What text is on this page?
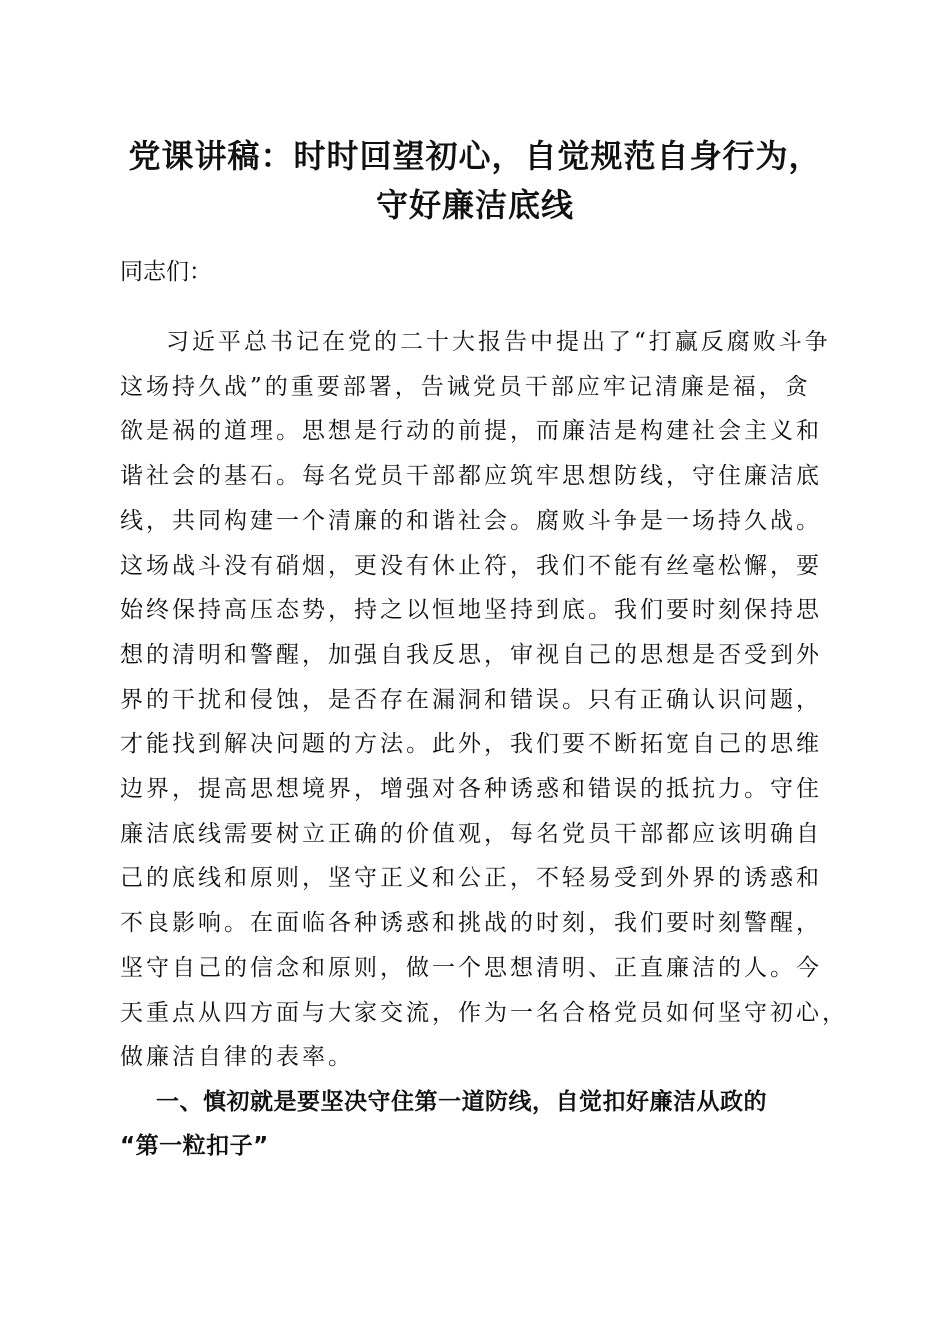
党课讲稿：时时回望初心，自觉规范自身行为，
守好廉洁底线

同志们：

习近平总书记在党的二十大报告中提出了“打赢反腐败斗争
这场持久战”的重要部署，告诫党员干部应牢记清廉是福，贪
欲是祸的道理。思想是行动的前提，而廉洁是构建社会主义和
谐社会的基石。每名党员干部都应筑牢思想防线，守住廉洁底
线，共同构建一个清廉的和谐社会。腐败斗争是一场持久战。
这场战斗没有硝烟，更没有休止符，我们不能有丝毫松懈，要
始终保持高压态势，持之以恒地坚持到底。我们要时刻保持思
想的清明和警醒，加强自我反思，审视自己的思想是否受到外
界的干扰和侵蚀，是否存在漏洞和错误。只有正确认识问题，
才能找到解决问题的方法。此外，我们要不断拓宽自己的思维
边界，提高思想境界，增强对各种诱惑和错误的抵抗力。守住
廉洁底线需要树立正确的价值观，每名党员干部都应该明确自
己的底线和原则，坚守正义和公正，不轻易受到外界的诱惑和
不良影响。在面临各种诱惑和挑战的时刻，我们要时刻警醒，
坚守自己的信念和原则，做一个思想清明、正直廉洁的人。今
天重点从四方面与大家交流，作为一名合格党员如何坚守初心，
做廉洁自律的表率。

一、慎初就是要坚决守住第一道防线，自觉扣好廉洁从政的
“第一粒扣子”
